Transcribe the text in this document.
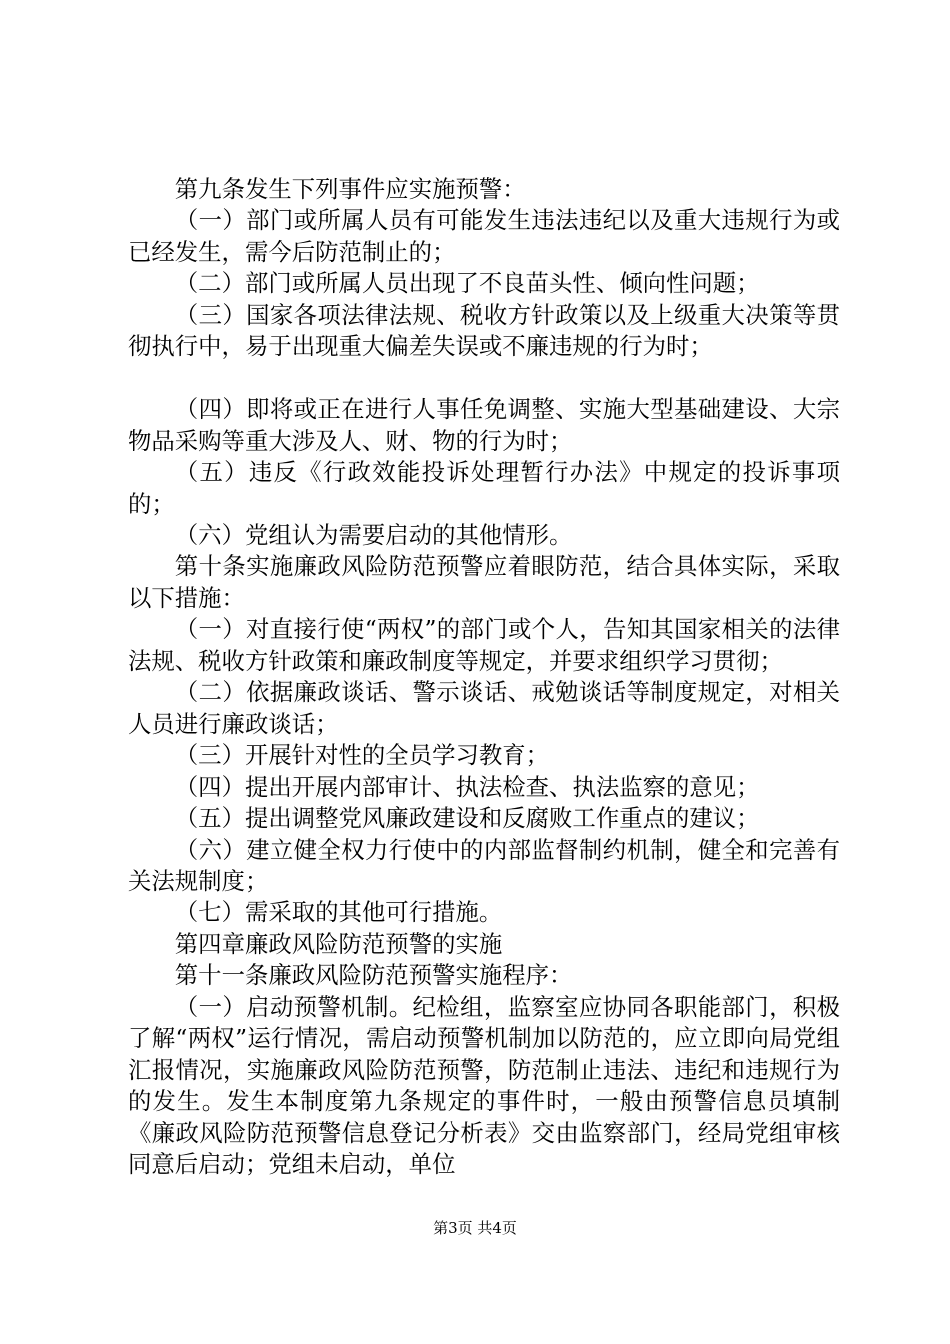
第九条发生下列事件应实施预警：

（一）部门或所属人员有可能发生违法违纪以及重大违规行为或已经发生，需今后防范制止的；

（二）部门或所属人员出现了不良苗头性、倾向性问题；

（三）国家各项法律法规、税收方针政策以及上级重大决策等贯彻执行中，易于出现重大偏差失误或不廉违规的行为时；

（四）即将或正在进行人事任免调整、实施大型基础建设、大宗物品采购等重大涉及人、财、物的行为时；

（五）违反《行政效能投诉处理暂行办法》中规定的投诉事项的；

（六）党组认为需要启动的其他情形。

第十条实施廉政风险防范预警应着眼防范，结合具体实际，采取以下措施：

（一）对直接行使“两权”的部门或个人，告知其国家相关的法律法规、税收方针政策和廉政制度等规定，并要求组织学习贯彻；

（二）依据廉政谈话、警示谈话、戒勉谈话等制度规定，对相关人员进行廉政谈话；

（三）开展针对性的全员学习教育；

（四）提出开展内部审计、执法检查、执法监察的意见；

（五）提出调整党风廉政建设和反腐败工作重点的建议；

（六）建立健全权力行使中的内部监督制约机制，健全和完善有关法规制度；

（七）需采取的其他可行措施。

第四章廉政风险防范预警的实施

第十一条廉政风险防范预警实施程序：

（一）启动预警机制。纪检组，监察室应协同各职能部门，积极了解“两权”运行情况，需启动预警机制加以防范的，应立即向局党组汇报情况，实施廉政风险防范预警，防范制止违法、违纪和违规行为的发生。发生本制度第九条规定的事件时，一般由预警信息员填制《廉政风险防范预警信息登记分析表》交由监察部门，经局党组审核同意后启动；党组未启动，单位

第3页 共4页
